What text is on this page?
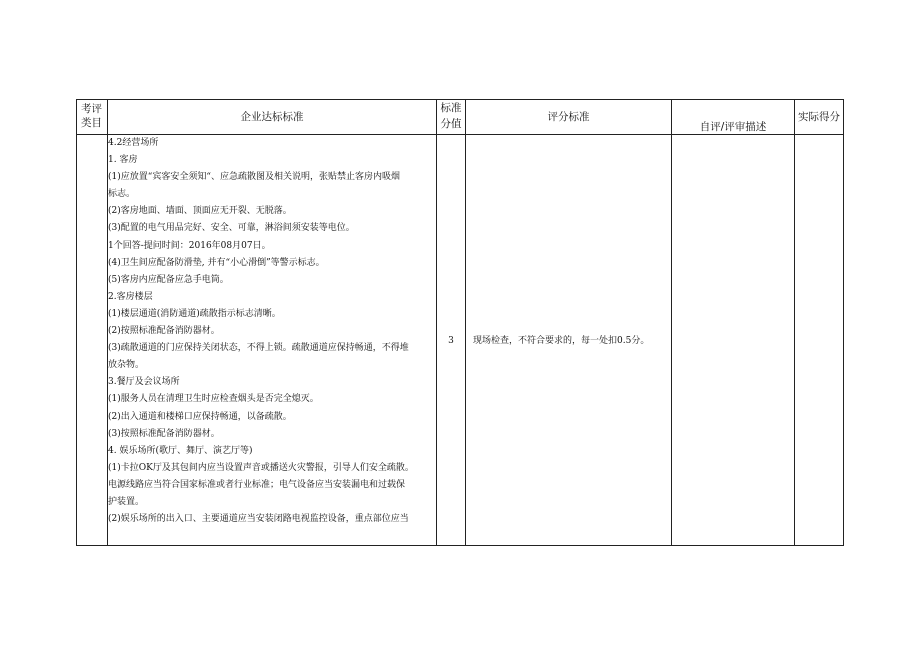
考评
类目	企业达标标准
标准
分值
评分标准
自评/评审描述
实际得分
4.2经营场所
1. 客房
(1)应放置“宾客安全须知“、应急疏散图及相关说明，张贴禁止客房内吸烟
标志。
(2)客房地面、墙面、顶面应无开裂、无脱落。
(3)配置的电气用品完好、安全、可靠，淋浴间须安装等电位。
1个回答-提问时间：2016年08月07日。
(4)卫生间应配备防滑垫, 并有“小心滑倒”等警示标志。
(5)客房内应配备应急手电筒。
2.客房楼层
(1)楼层通道(消防通道)疏散指示标志清晰。
(2)按照标准配备消防器材。
(3)疏散通道的门应保持关闭状态，不得上锁。疏散通道应保持畅通，不得堆
放杂物。
3.餐厅及会议场所
(1)服务人员在清理卫生时应检查烟头是否完全熄灭。
(2)出入通道和楼梯口应保持畅通，以备疏散。
(3)按照标准配备消防器材。
4. 娱乐场所(歌厅、舞厅、演艺厅等)
(1)卡拉OK厅及其包间内应当设置声音或播送火灾警报，引导人们安全疏散。
电源线路应当符合国家标准或者行业标准；电气设备应当安装漏电和过载保
护装置。
(2)娱乐场所的出入口、主要通道应当安装闭路电视监控设备，重点部位应当
3	现场检查，不符合要求的，每一处扣0.5分。
